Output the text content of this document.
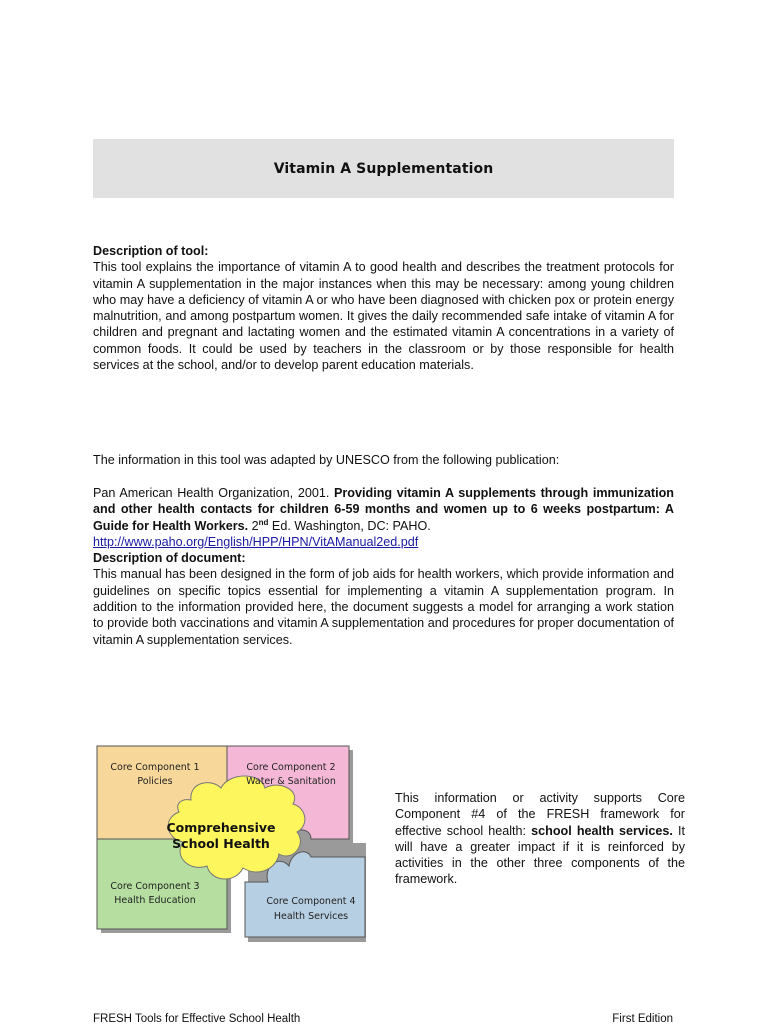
Vitamin A Supplementation

Description of tool:

This tool explains the importance of vitamin A to good health and describes the treatment protocols for vitamin A supplementation in the major instances when this may be necessary: among young children who may have a deficiency of vitamin A or who have been diagnosed with chicken pox or protein energy malnutrition, and among postpartum women. It gives the daily recommended safe intake of vitamin A for children and pregnant and lactating women and the estimated vitamin A concentrations in a variety of common foods. It could be used by teachers in the classroom or by those responsible for health services at the school, and/or to develop parent education materials.

The information in this tool was adapted by UNESCO from the following publication:

Pan American Health Organization, 2001. Providing vitamin A supplements through immunization and other health contacts for children 6-59 months and women up to 6 weeks postpartum: A Guide for Health Workers. 2nd Ed. Washington, DC: PAHO.

http://www.paho.org/English/HPP/HPN/VitAManual2ed.pdf

Description of document:

This manual has been designed in the form of job aids for health workers, which provide information and guidelines on specific topics essential for implementing a vitamin A supplementation program. In addition to the information provided here, the document suggests a model for arranging a work station to provide both vaccinations and vitamin A supplementation and procedures for proper documentation of vitamin A supplementation services.

Comprehensive
School Health
Core Component 1
Policies
Core Component 2
Water & Sanitation
Core Component 3
Health Education	Core Component 4
Health Services

This information or activity supports Core Component #4 of the FRESH framework for effective school health: school health services. It will have a greater impact if it is reinforced by activities in the other three components of the framework.

FRESH Tools for Effective School Health	First Edition
